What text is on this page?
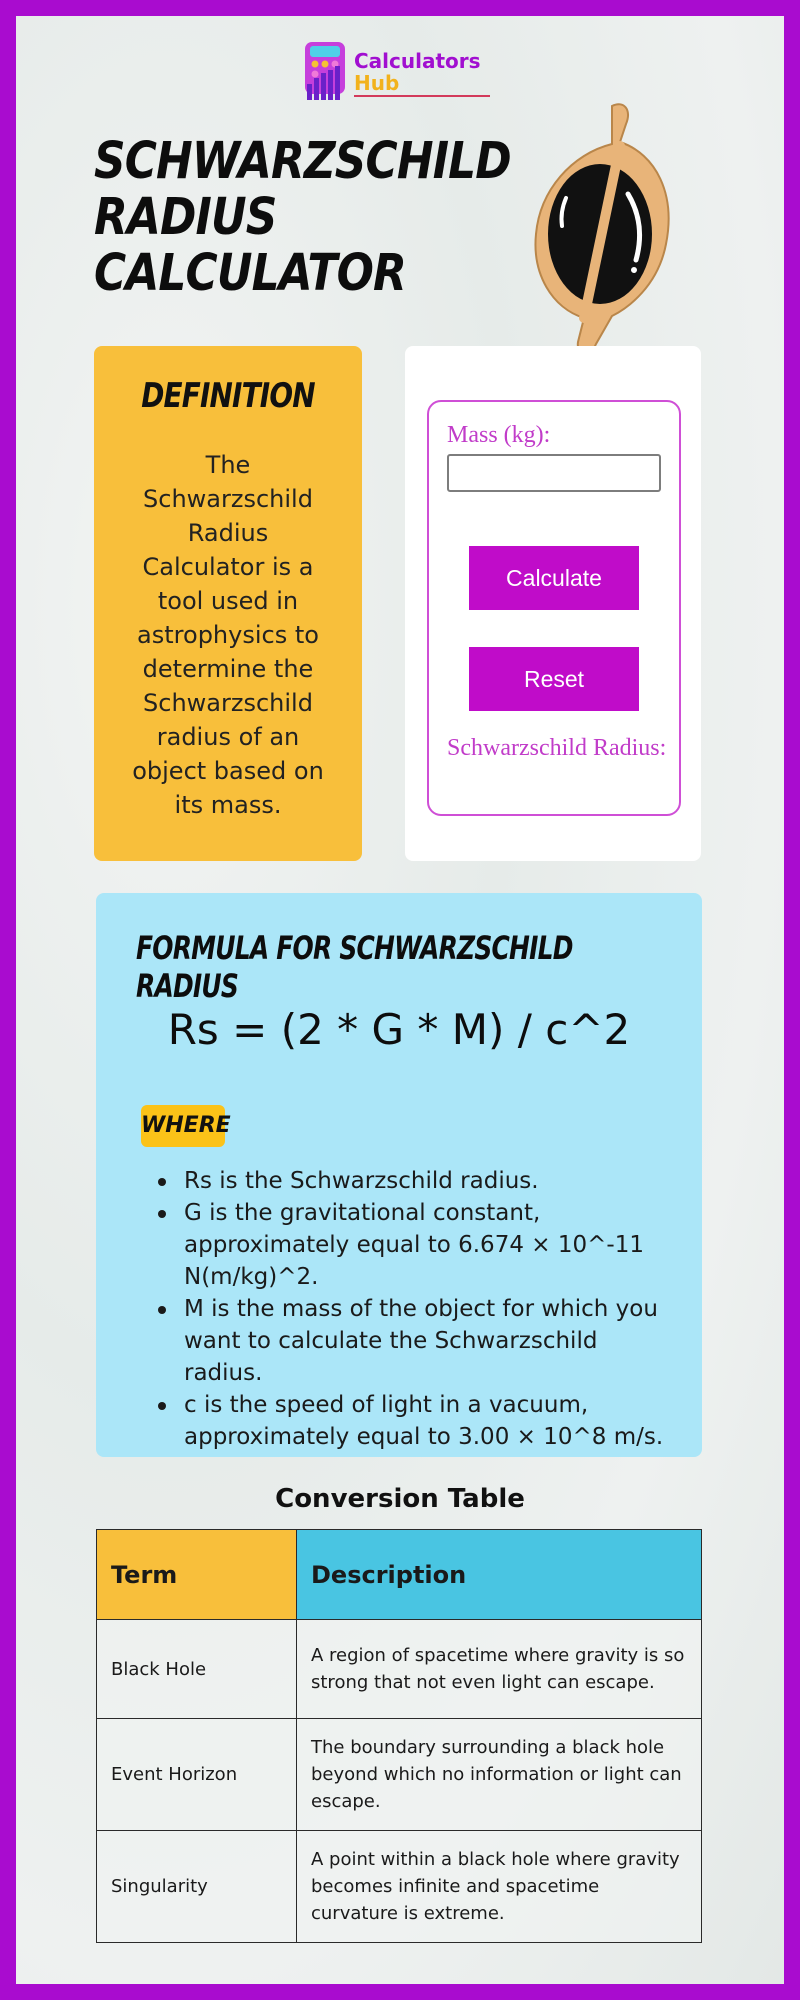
Calculators
Hub
SCHWARZSCHILD RADIUS CALCULATOR
DEFINITION
The Schwarzschild Radius Calculator is a tool used in astrophysics to determine the Schwarzschild radius of an object based on its mass.
Mass (kg):
Calculate
Reset
Schwarzschild Radius:
FORMULA FOR SCHWARZSCHILD RADIUS
Rs = (2 * G * M) / c^2
WHERE
Rs is the Schwarzschild radius.
G is the gravitational constant, approximately equal to 6.674 × 10^-11 N(m/kg)^2.
M is the mass of the object for which you want to calculate the Schwarzschild radius.
c is the speed of light in a vacuum, approximately equal to 3.00 × 10^8 m/s.
Conversion Table
Term	Description
Black Hole	A region of spacetime where gravity is so strong that not even light can escape.
Event Horizon	The boundary surrounding a black hole beyond which no information or light can escape.
Singularity	A point within a black hole where gravity becomes infinite and spacetime curvature is extreme.
